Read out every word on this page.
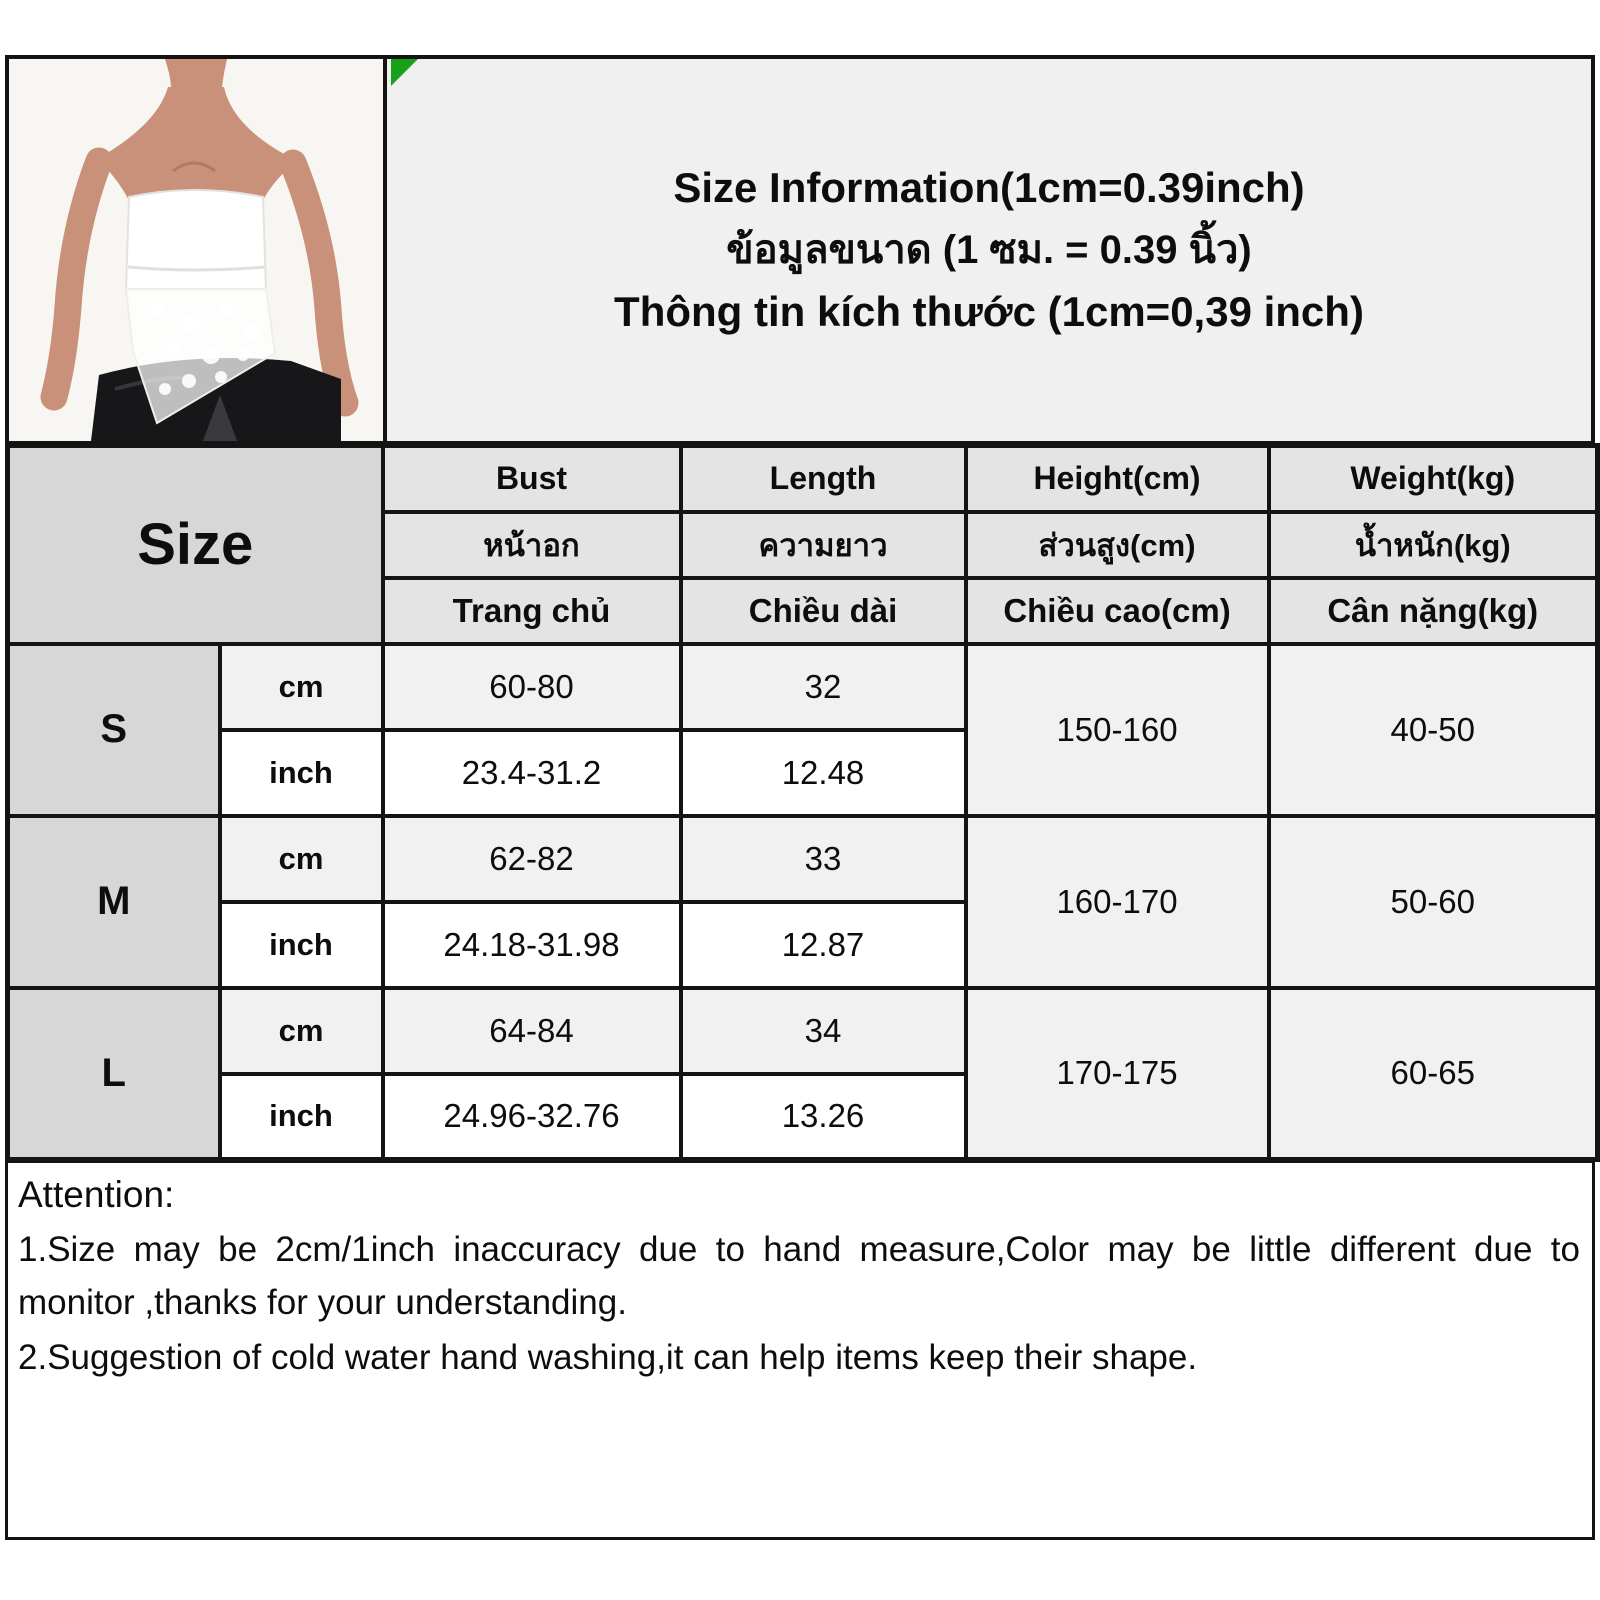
Size Information(1cm=0.39inch)
ข้อมูลขนาด (1 ซม. = 0.39 นิ้ว)
Thông tin kích thước (1cm=0,39 inch)
Size		Bust	Length	Height(cm)	Weight(kg)
		หน้าอก	ความยาว	ส่วนสูง(cm)	น้ำหนัก(kg)
		Trang chủ	Chiều dài	Chiều cao(cm)	Cân nặng(kg)
S	cm	60-80	32	150-160	40-50
	inch	23.4-31.2	12.48		
M	cm	62-82	33	160-170	50-60
	inch	24.18-31.98	12.87		
L	cm	64-84	34	170-175	60-65
	inch	24.96-32.76	13.26		
Attention:

1.Size may be 2cm/1inch inaccuracy due to hand measure,Color may be little different due to monitor ,thanks for your understanding.

2.Suggestion of cold water hand washing,it can help items keep their shape.
